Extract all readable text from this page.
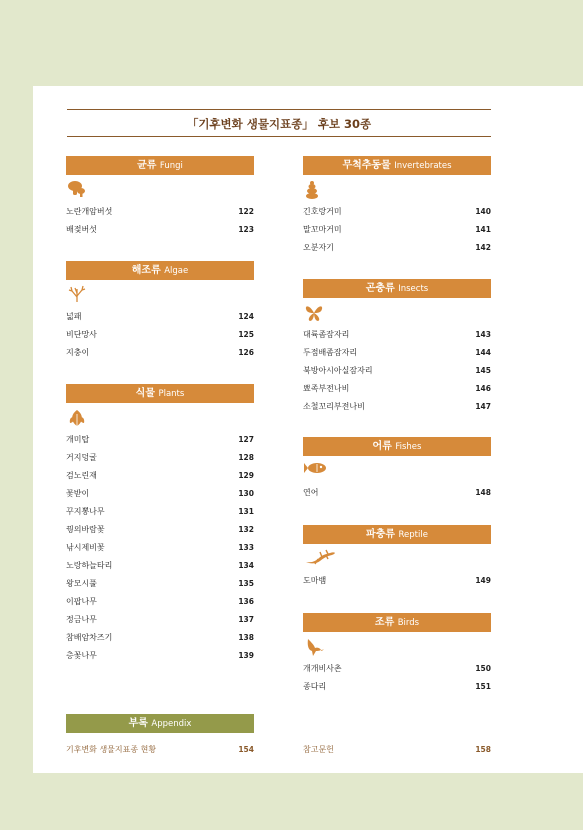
「기후변화 생물지표종」 후보 30종
균류 Fungi
노란개암버섯	122
배젖버섯	123
해조류 Algae
넓패	124
비단망사	125
지충이	126
식물 Plants
개미탑	127
거지덩굴	128
검노린재	129
꽃받이	130
꾸지뽕나무	131
꿩의바람꽃	132
낚시제비꽃	133
노랑하늘타리	134
왕모시풀	135
이팝나무	136
정금나무	137
참배암차즈기	138
층꽃나무	139
무척추동물 Invertebrates
긴호랑거미	140
말꼬마거미	141
오분자기	142
곤충류 Insects
대륙좀잠자리	143
두점배좀잠자리	144
북방아시아실잠자리	145
뾰족부전나비	146
소철꼬리부전나비	147
어류 Fishes
연어	148
파충류 Reptile
도마뱀	149
조류 Birds
개개비사촌	150
종다리	151
부록 Appendix
기후변화 생물지표종 현황	154	참고문헌	158
